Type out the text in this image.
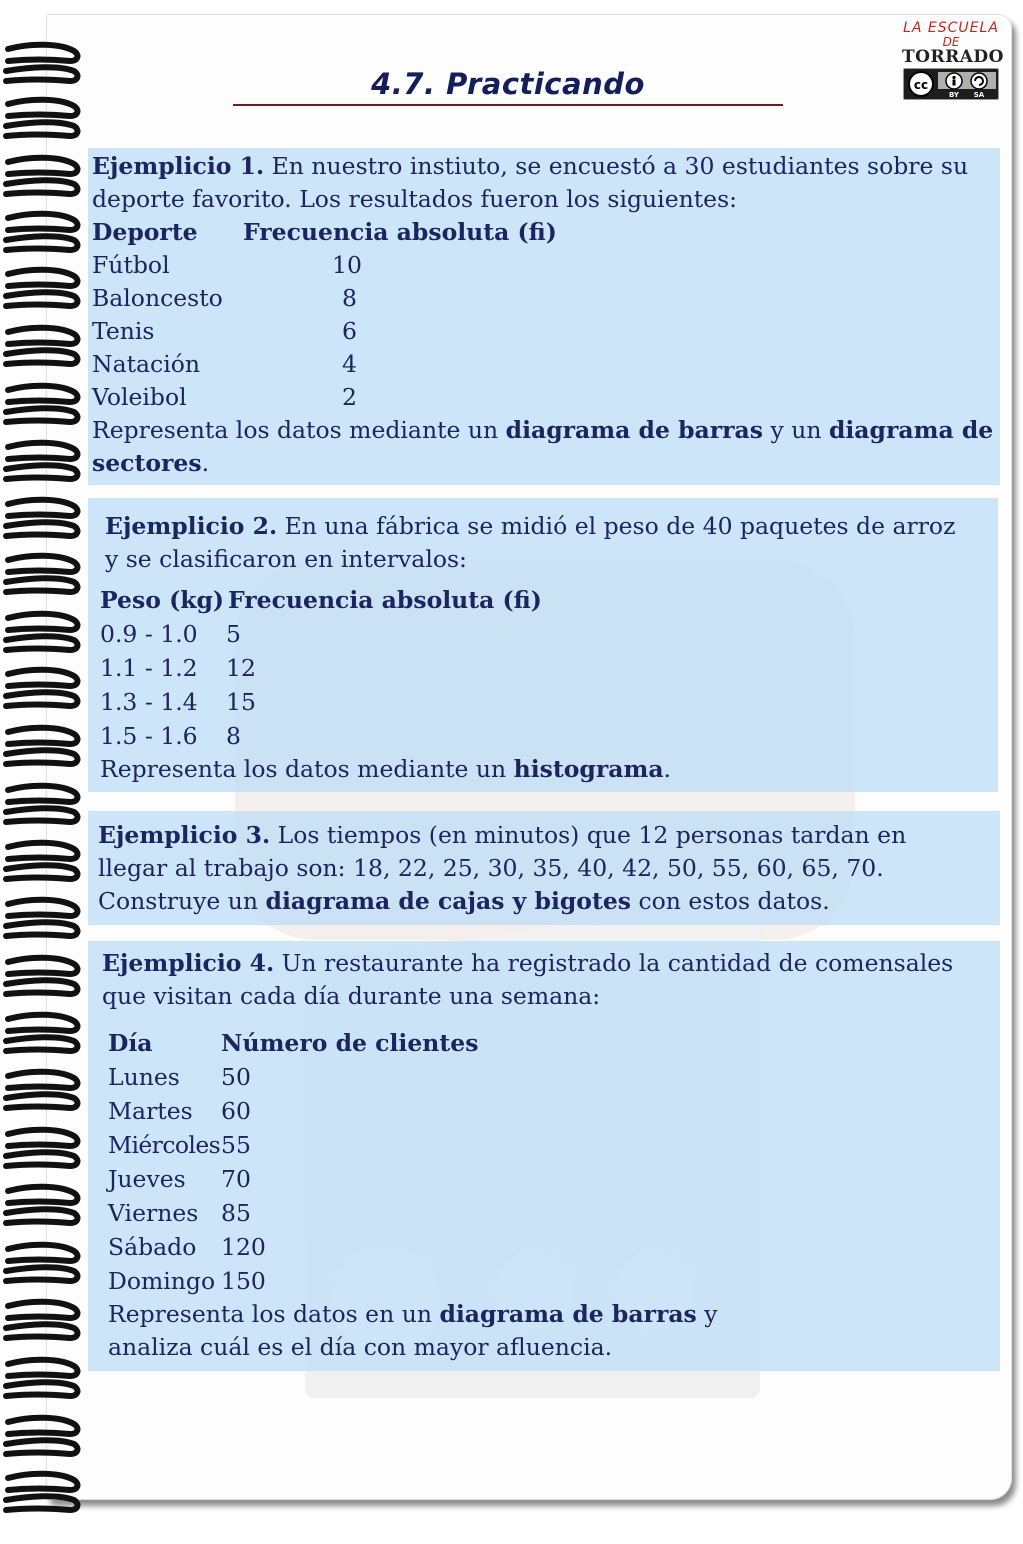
4.7. Practicando
LA ESCUELA
DE
TORRADO
cc
BY SA

Ejemplicio 1. En nuestro instiuto, se encuestó a 30 estudiantes sobre su deporte favorito. Los resultados fueron los siguientes:

Deporte	Frecuencia absoluta (fi)
Fútbol	10
Baloncesto	8
Tenis	6
Natación	4
Voleibol	2

Representa los datos mediante un diagrama de barras y un diagrama de sectores.

Ejemplicio 2. En una fábrica se midió el peso de 40 paquetes de arroz

y se clasificaron en intervalos:

Peso (kg) Frecuencia absoluta (fi)
0.9 - 1.0	5
1.1 - 1.2	12
1.3 - 1.4	15
1.5 - 1.6	8

Representa los datos mediante un histograma.

Ejemplicio 3. Los tiempos (en minutos) que 12 personas tardan en

llegar al trabajo son: 18, 22, 25, 30, 35, 40, 42, 50, 55, 60, 65, 70.

Construye un diagrama de cajas y bigotes con estos datos.

Ejemplicio 4. Un restaurante ha registrado la cantidad de comensales

que visitan cada día durante una semana:

Día	Número de clientes
Lunes	50
Martes	60
Miércoles 55
Jueves	70
Viernes 85
Sábado	120
Domingo 150

Representa los datos en un diagrama de barras y

analiza cuál es el día con mayor afluencia.
